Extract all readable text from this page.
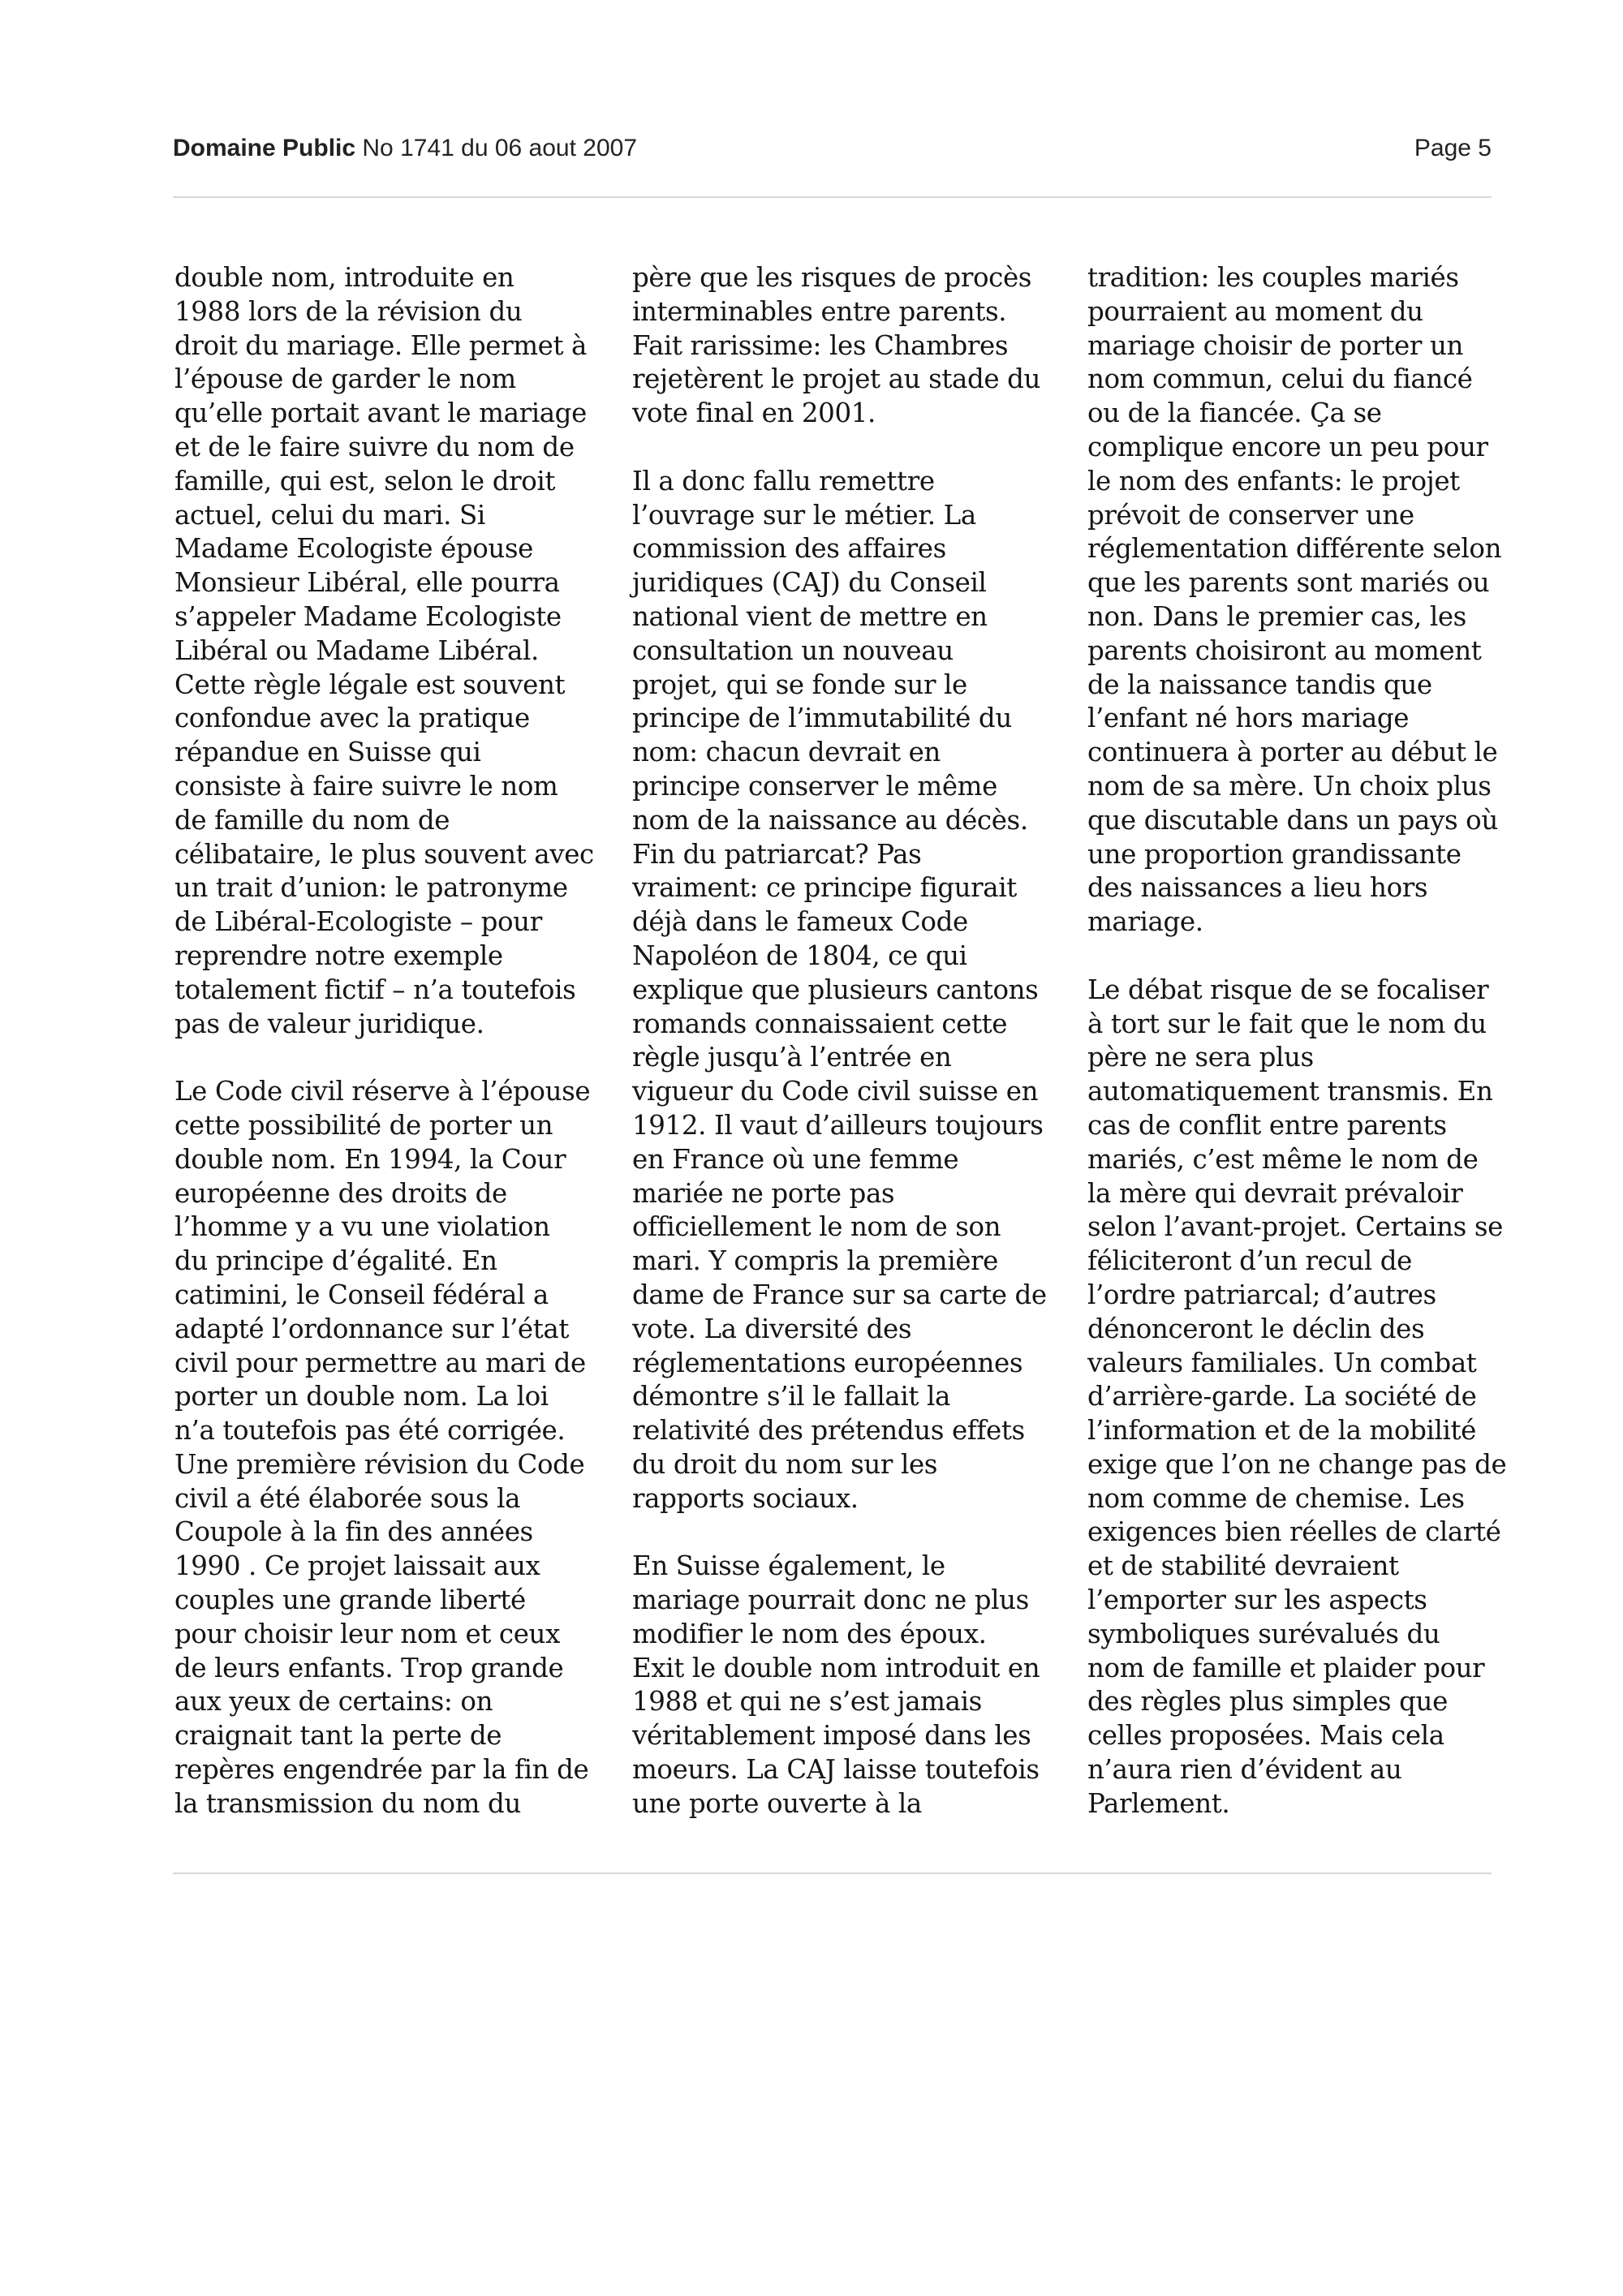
Domaine Public No 1741 du 06 aout 2007	Page 5
double nom, introduite en
1988 lors de la révision du
droit du mariage. Elle permet à
l’épouse de garder le nom
qu’elle portait avant le mariage
et de le faire suivre du nom de
famille, qui est, selon le droit
actuel, celui du mari. Si
Madame Ecologiste épouse
Monsieur Libéral, elle pourra
s’appeler Madame Ecologiste
Libéral ou Madame Libéral.
Cette règle légale est souvent
confondue avec la pratique
répandue en Suisse qui
consiste à faire suivre le nom
de famille du nom de
célibataire, le plus souvent avec
un trait d’union: le patronyme
de Libéral-Ecologiste – pour
reprendre notre exemple
totalement fictif – n’a toutefois
pas de valeur juridique.
Le Code civil réserve à l’épouse
cette possibilité de porter un
double nom. En 1994, la Cour
européenne des droits de
l’homme y a vu une violation
du principe d’égalité. En
catimini, le Conseil fédéral a
adapté l’ordonnance sur l’état
civil pour permettre au mari de
porter un double nom. La loi
n’a toutefois pas été corrigée.
Une première révision du Code
civil a été élaborée sous la
Coupole à la fin des années
1990 . Ce projet laissait aux
couples une grande liberté
pour choisir leur nom et ceux
de leurs enfants. Trop grande
aux yeux de certains: on
craignait tant la perte de
repères engendrée par la fin de
la transmission du nom du
père que les risques de procès
interminables entre parents.
Fait rarissime: les Chambres
rejetèrent le projet au stade du
vote final en 2001.
Il a donc fallu remettre
l’ouvrage sur le métier. La
commission des affaires
juridiques (CAJ) du Conseil
national vient de mettre en
consultation un nouveau
projet, qui se fonde sur le
principe de l’immutabilité du
nom: chacun devrait en
principe conserver le même
nom de la naissance au décès.
Fin du patriarcat? Pas
vraiment: ce principe figurait
déjà dans le fameux Code
Napoléon de 1804, ce qui
explique que plusieurs cantons
romands connaissaient cette
règle jusqu’à l’entrée en
vigueur du Code civil suisse en
1912. Il vaut d’ailleurs toujours
en France où une femme
mariée ne porte pas
officiellement le nom de son
mari. Y compris la première
dame de France sur sa carte de
vote. La diversité des
réglementations européennes
démontre s’il le fallait la
relativité des prétendus effets
du droit du nom sur les
rapports sociaux.
En Suisse également, le
mariage pourrait donc ne plus
modifier le nom des époux.
Exit le double nom introduit en
1988 et qui ne s’est jamais
véritablement imposé dans les
moeurs. La CAJ laisse toutefois
une porte ouverte à la
tradition: les couples mariés
pourraient au moment du
mariage choisir de porter un
nom commun, celui du fiancé
ou de la fiancée. Ça se
complique encore un peu pour
le nom des enfants: le projet
prévoit de conserver une
réglementation différente selon
que les parents sont mariés ou
non. Dans le premier cas, les
parents choisiront au moment
de la naissance tandis que
l’enfant né hors mariage
continuera à porter au début le
nom de sa mère. Un choix plus
que discutable dans un pays où
une proportion grandissante
des naissances a lieu hors
mariage.
Le débat risque de se focaliser
à tort sur le fait que le nom du
père ne sera plus
automatiquement transmis. En
cas de conflit entre parents
mariés, c’est même le nom de
la mère qui devrait prévaloir
selon l’avant-projet. Certains se
féliciteront d’un recul de
l’ordre patriarcal; d’autres
dénonceront le déclin des
valeurs familiales. Un combat
d’arrière-garde. La société de
l’information et de la mobilité
exige que l’on ne change pas de
nom comme de chemise. Les
exigences bien réelles de clarté
et de stabilité devraient
l’emporter sur les aspects
symboliques surévalués du
nom de famille et plaider pour
des règles plus simples que
celles proposées. Mais cela
n’aura rien d’évident au
Parlement.
